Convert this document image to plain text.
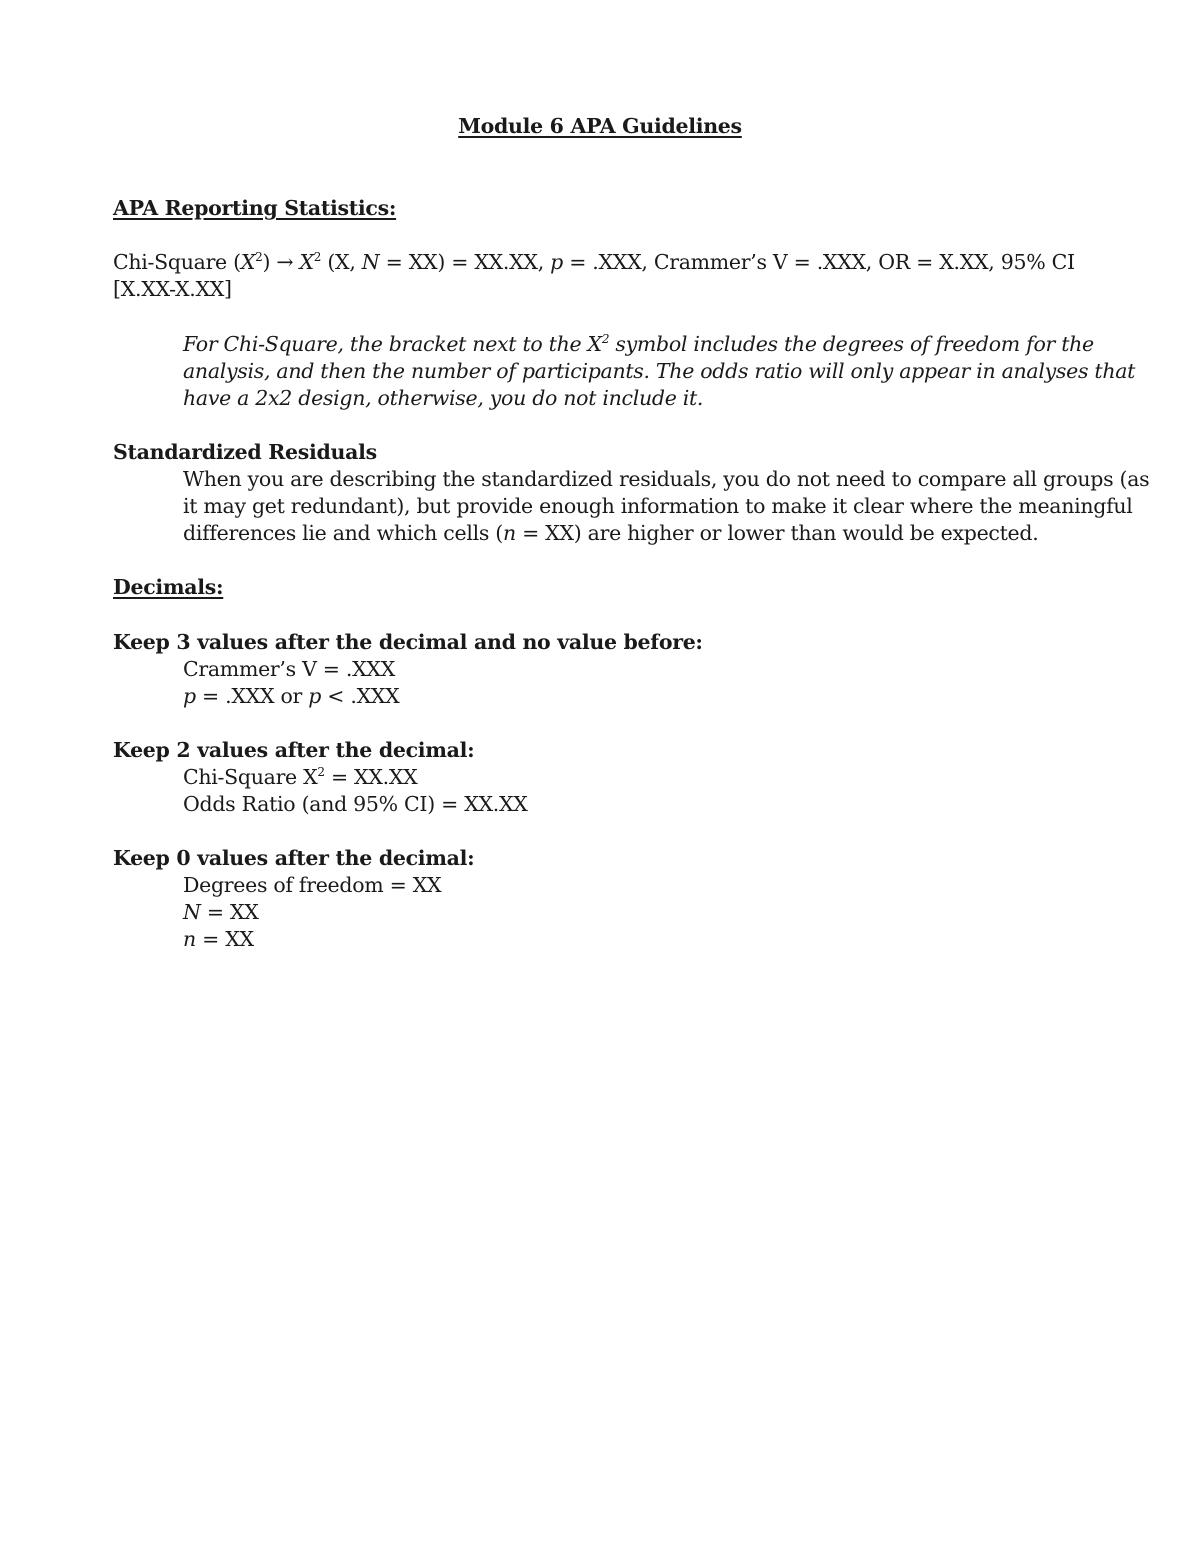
Module 6 APA Guidelines
APA Reporting Statistics:
Chi-Square $(X^2) \to X^2$ (X, N = XX) = XX.XX, p = .XXX, Crammer’s V = .XXX, OR = X.XX, 95% CI
[X.XX-X.XX]
For Chi-Square, the bracket next to the $X^2$ symbol includes the degrees of freedom for the
analysis, and then the number of participants. The odds ratio will only appear in analyses that
have a 2x2 design, otherwise, you do not include it.
Standardized Residuals
When you are describing the standardized residuals, you do not need to compare all groups (as
it may get redundant), but provide enough information to make it clear where the meaningful
differences lie and which cells (n = XX) are higher or lower than would be expected.
Decimals:
Keep 3 values after the decimal and no value before:
Crammer’s V = .XXX
p = .XXX or p < .XXX
Keep 2 values after the decimal:
Chi-Square $X^2 = XX.XX$
Odds Ratio (and 95% CI) = XX.XX
Keep 0 values after the decimal:
Degrees of freedom = XX
N = XX
n = XX
